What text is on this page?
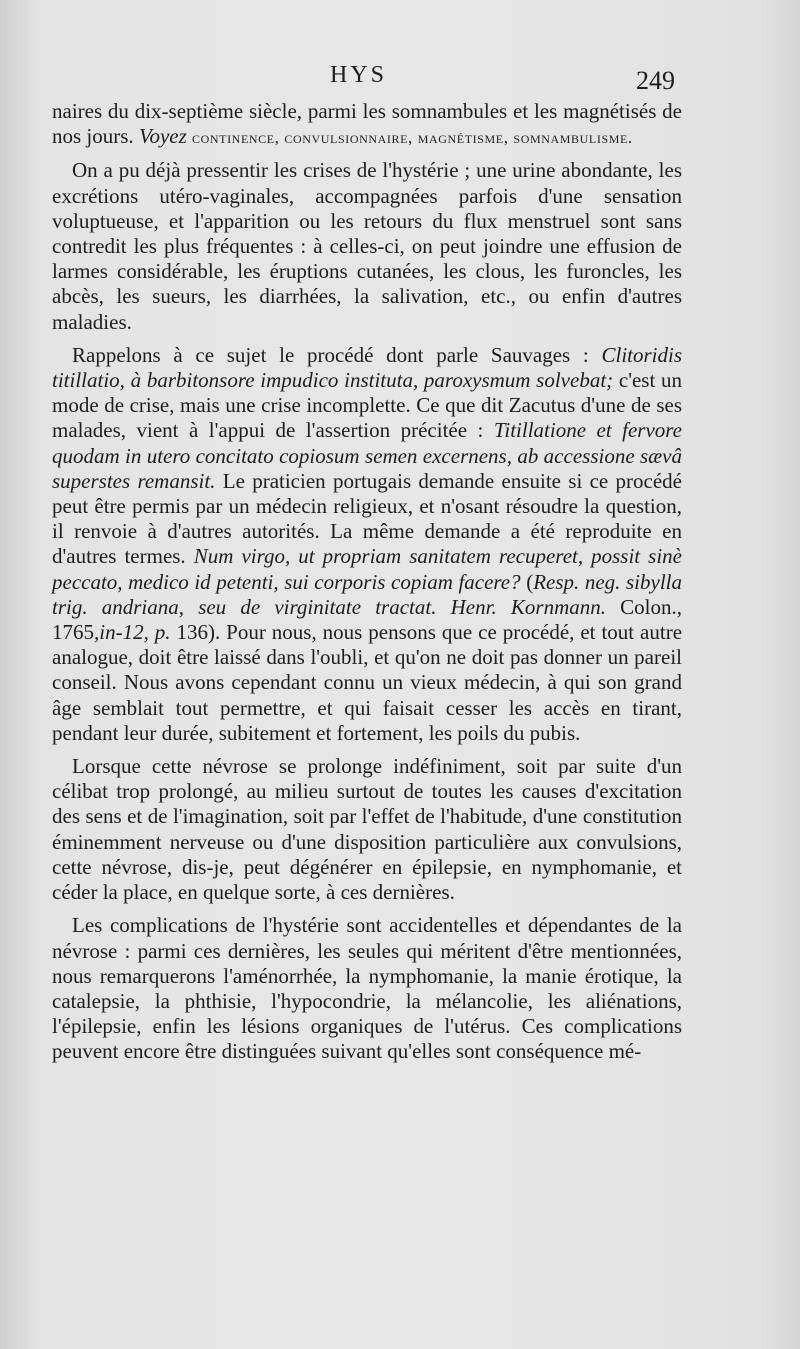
HYS	249

naires du dix-septième siècle, parmi les somnambules et les magnétisés de nos jours. Voyez continence, convulsionnaire, magnétisme, somnambulisme.

On a pu déjà pressentir les crises de l'hystérie ; une urine abondante, les excrétions utéro-vaginales, accompagnées parfois d'une sensation voluptueuse, et l'apparition ou les retours du flux menstruel sont sans contredit les plus fréquentes : à celles-ci, on peut joindre une effusion de larmes considérable, les éruptions cutanées, les clous, les furoncles, les abcès, les sueurs, les diarrhées, la salivation, etc., ou enfin d'autres maladies.

Rappelons à ce sujet le procédé dont parle Sauvages : Clitoridis titillatio, à barbitonsore impudico instituta, paroxysmum solvebat; c'est un mode de crise, mais une crise incomplette. Ce que dit Zacutus d'une de ses malades, vient à l'appui de l'assertion précitée : Titillatione et fervore quodam in utero concitato copiosum semen excernens, ab accessione sævâ superstes remansit. Le praticien portugais demande ensuite si ce procédé peut être permis par un médecin religieux, et n'osant résoudre la question, il renvoie à d'autres autorités. La même demande a été reproduite en d'autres termes. Num virgo, ut propriam sanitatem recuperet, possit sinè peccato, medico id petenti, sui corporis copiam facere? (Resp. neg. sibylla trig. andriana, seu de virginitate tractat. Henr. Kornmann. Colon., 1765,in-12, p. 136). Pour nous, nous pensons que ce procédé, et tout autre analogue, doit être laissé dans l'oubli, et qu'on ne doit pas donner un pareil conseil. Nous avons cependant connu un vieux médecin, à qui son grand âge semblait tout permettre, et qui faisait cesser les accès en tirant, pendant leur durée, subitement et fortement, les poils du pubis.

Lorsque cette névrose se prolonge indéfiniment, soit par suite d'un célibat trop prolongé, au milieu surtout de toutes les causes d'excitation des sens et de l'imagination, soit par l'effet de l'habitude, d'une constitution éminemment nerveuse ou d'une disposition particulière aux convulsions, cette névrose, dis-je, peut dégénérer en épilepsie, en nymphomanie, et céder la place, en quelque sorte, à ces dernières.

Les complications de l'hystérie sont accidentelles et dépendantes de la névrose : parmi ces dernières, les seules qui méritent d'être mentionnées, nous remarquerons l'aménorrhée, la nymphomanie, la manie érotique, la catalepsie, la phthisie, l'hypocondrie, la mélancolie, les aliénations, l'épilepsie, enfin les lésions organiques de l'utérus. Ces complications peuvent encore être distinguées suivant qu'elles sont conséquence mé-
